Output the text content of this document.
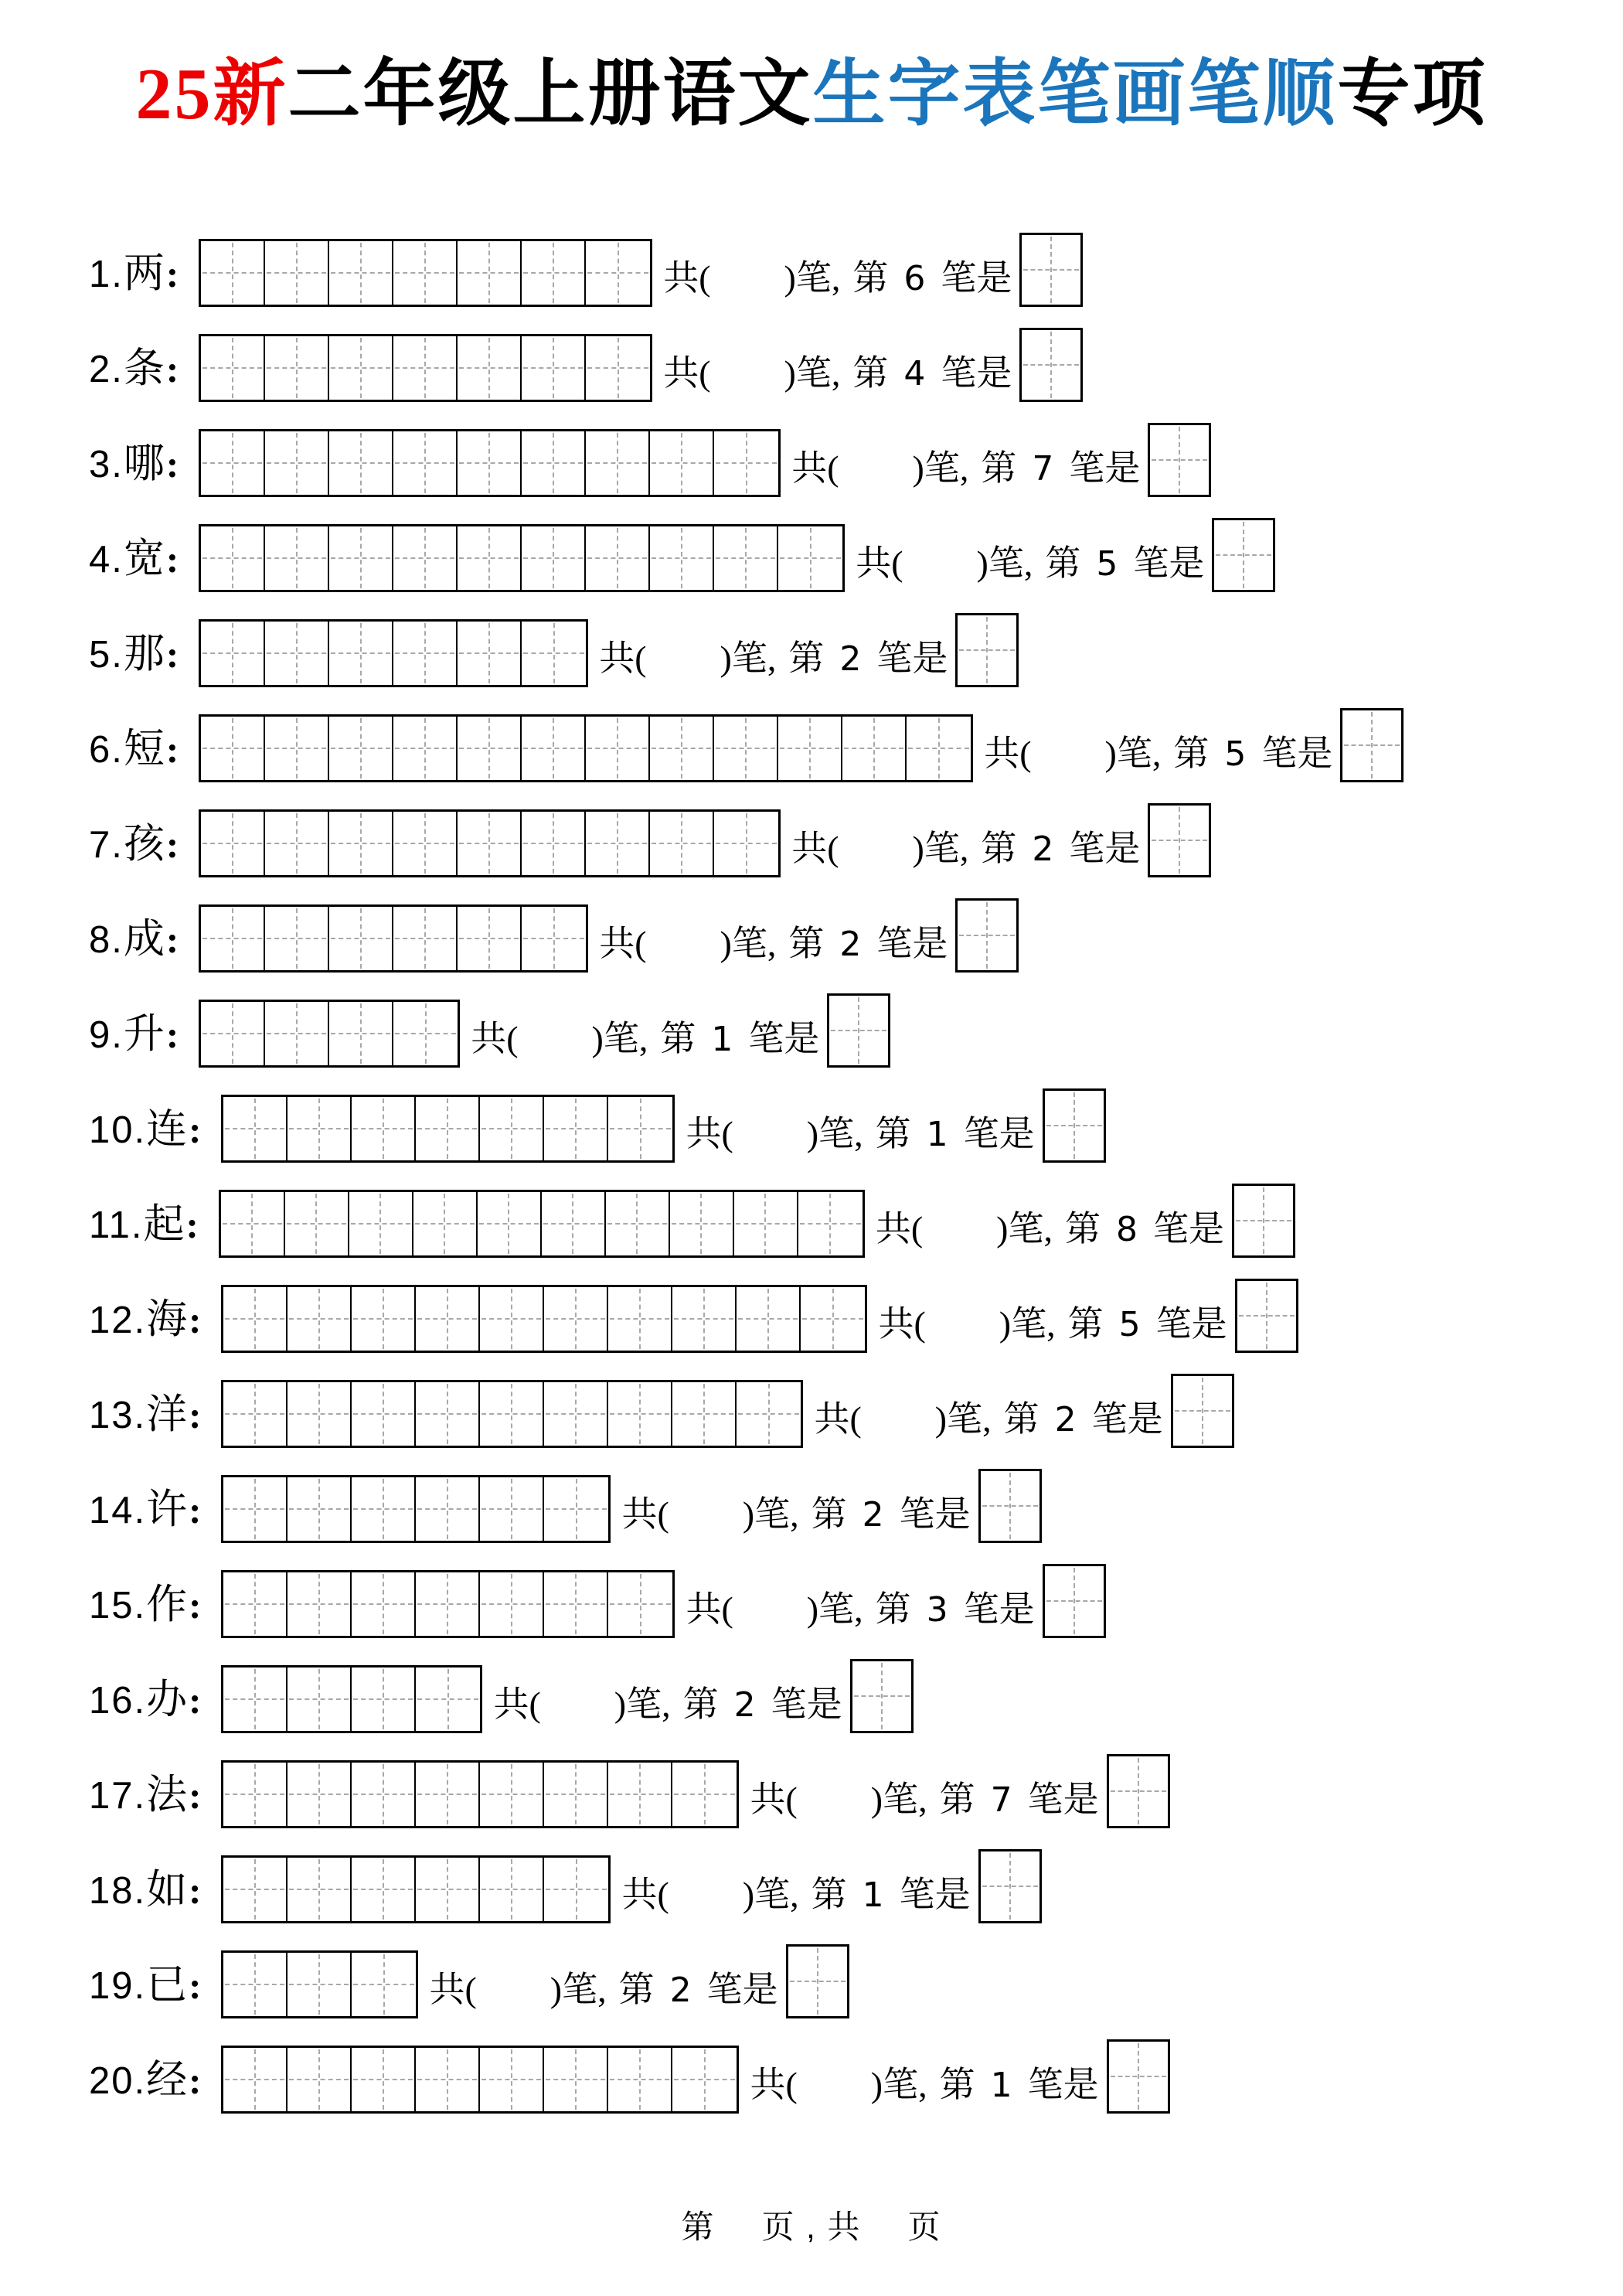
25新二年级上册语文生字表笔画笔顺专项
1.两:	共( )笔, 第 6 笔是
2.条:	共( )笔, 第 4 笔是
3.哪:	共( )笔, 第 7 笔是
4.宽:	共( )笔, 第 5 笔是
5.那:	共( )笔, 第 2 笔是
6.短:	共( )笔, 第 5 笔是
7.孩:	共( )笔, 第 2 笔是
8.成:	共( )笔, 第 2 笔是
9.升:	共( )笔, 第 1 笔是
10.连:	共( )笔, 第 1 笔是
11.起:	共( )笔, 第 8 笔是
12.海:	共( )笔, 第 5 笔是
13.洋:	共( )笔, 第 2 笔是
14.许:	共( )笔, 第 2 笔是
15.作:	共( )笔, 第 3 笔是
16.办:	共( )笔, 第 2 笔是
17.法:	共( )笔, 第 7 笔是
18.如:	共( )笔, 第 1 笔是
19.已:	共( )笔, 第 2 笔是
20.经:	共( )笔, 第 1 笔是
第 页 , 共 页
